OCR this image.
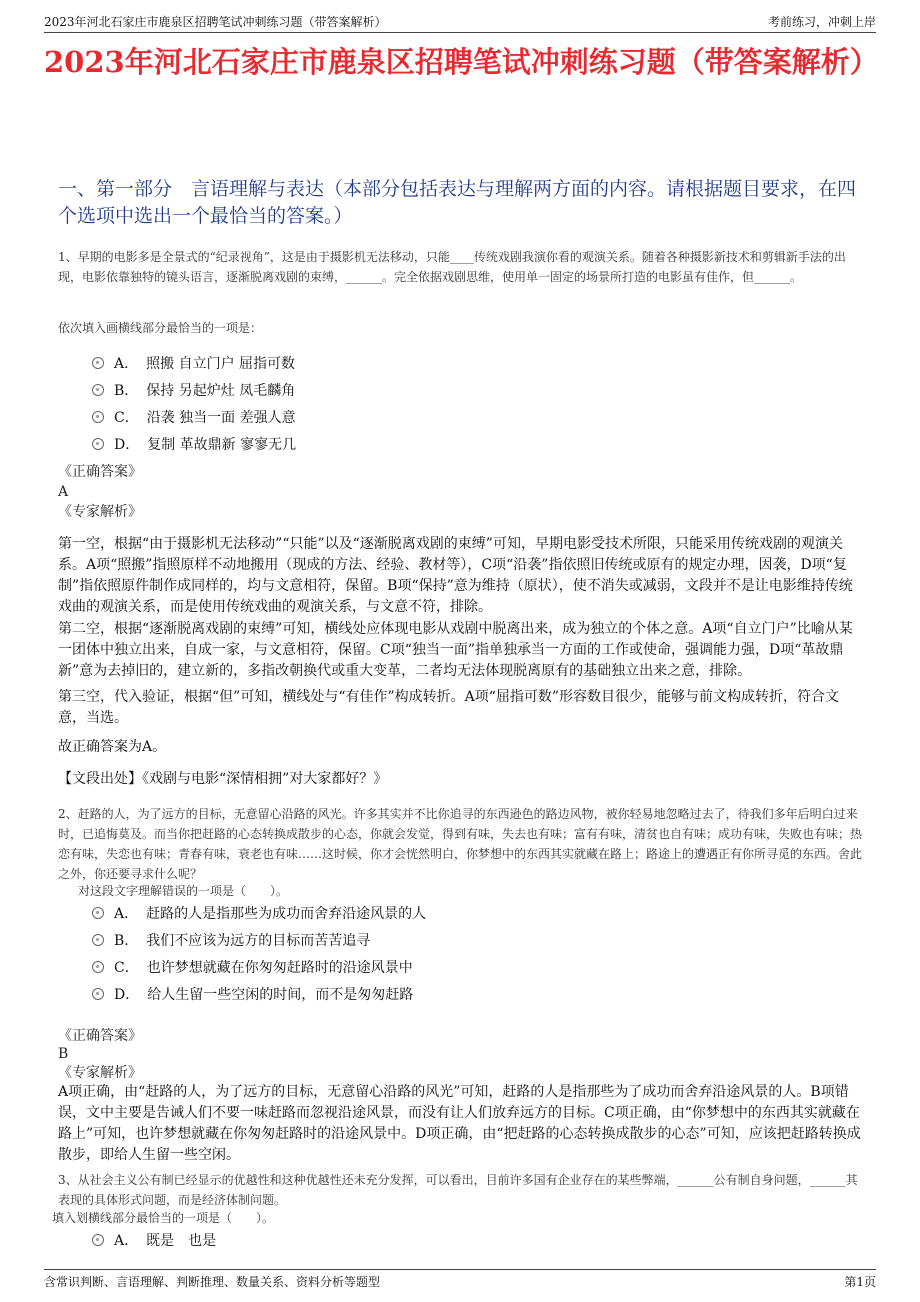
2023年河北石家庄市鹿泉区招聘笔试冲刺练习题（带答案解析）	考前练习，冲刺上岸
2023年河北石家庄市鹿泉区招聘笔试冲刺练习题（带答案解析）
一、第一部分　言语理解与表达（本部分包括表达与理解两方面的内容。请根据题目要求，在四个选项中选出一个最恰当的答案。）
1、早期的电影多是全景式的“纪录视角”，这是由于摄影机无法移动，只能____传统戏剧我演你看的观演关系。随着各种摄影新技术和剪辑新手法的出现，电影依靠独特的镜头语言，逐渐脱离戏剧的束缚，______。完全依据戏剧思维，使用单一固定的场景所打造的电影虽有佳作，但______。
依次填入画横线部分最恰当的一项是：
A． 照搬 自立门户 屈指可数
B． 保持 另起炉灶 凤毛麟角
C． 沿袭 独当一面 差强人意
D． 复制 革故鼎新 寥寥无几
《正确答案》
A
《专家解析》
第一空，根据“由于摄影机无法移动”“只能”以及“逐渐脱离戏剧的束缚”可知，早期电影受技术所限，只能采用传统戏剧的观演关系。A项“照搬”指照原样不动地搬用（现成的方法、经验、教材等），C项“沿袭”指依照旧传统或原有的规定办理，因袭，D项“复制”指依照原件制作成同样的，均与文意相符，保留。B项“保持”意为维持（原状），使不消失或减弱，文段并不是让电影维持传统戏曲的观演关系，而是使用传统戏曲的观演关系，与文意不符，排除。
第二空，根据“逐渐脱离戏剧的束缚”可知，横线处应体现电影从戏剧中脱离出来，成为独立的个体之意。A项“自立门户”比喻从某一团体中独立出来，自成一家，与文意相符，保留。C项“独当一面”指单独承当一方面的工作或使命，强调能力强，D项“革故鼎新”意为去掉旧的，建立新的，多指改朝换代或重大变革，二者均无法体现脱离原有的基础独立出来之意，排除。
第三空，代入验证，根据“但”可知，横线处与“有佳作”构成转折。A项“屈指可数”形容数目很少，能够与前文构成转折，符合文意，当选。
故正确答案为A。
【文段出处】《戏剧与电影“深情相拥”对大家都好？》
2、赶路的人，为了远方的目标，无意留心沿路的风光。许多其实并不比你追寻的东西逊色的路边风物，被你轻易地忽略过去了，待我们多年后明白过来时，已追悔莫及。而当你把赶路的心态转换成散步的心态，你就会发觉，得到有味，失去也有味；富有有味，清贫也自有味；成功有味，失败也有味；热恋有味，失恋也有味；青春有味，衰老也有味……这时候，你才会恍然明白，你梦想中的东西其实就藏在路上；路途上的遭遇正有你所寻觅的东西。舍此之外，你还要寻求什么呢？
对这段文字理解错误的一项是（　　）。
A． 赶路的人是指那些为成功而舍弃沿途风景的人
B． 我们不应该为远方的目标而苦苦追寻
C． 也许梦想就藏在你匆匆赶路时的沿途风景中
D． 给人生留一些空闲的时间，而不是匆匆赶路
《正确答案》
B
《专家解析》
A项正确，由“赶路的人，为了远方的目标，无意留心沿路的风光”可知，赶路的人是指那些为了成功而舍弃沿途风景的人。B项错误，文中主要是告诫人们不要一味赶路而忽视沿途风景，而没有让人们放弃远方的目标。C项正确，由“你梦想中的东西其实就藏在路上”可知，也许梦想就藏在你匆匆赶路时的沿途风景中。D项正确，由“把赶路的心态转换成散步的心态”可知，应该把赶路转换成散步，即给人生留一些空闲。
3、从社会主义公有制已经显示的优越性和这种优越性还未充分发挥，可以看出，目前许多国有企业存在的某些弊端，______公有制自身问题，______其表现的具体形式问题，而是经济体制问题。
填入划横线部分最恰当的一项是（　　）。
A． 既是　也是
含常识判断、言语理解、判断推理、数量关系、资料分析等题型	第1页
